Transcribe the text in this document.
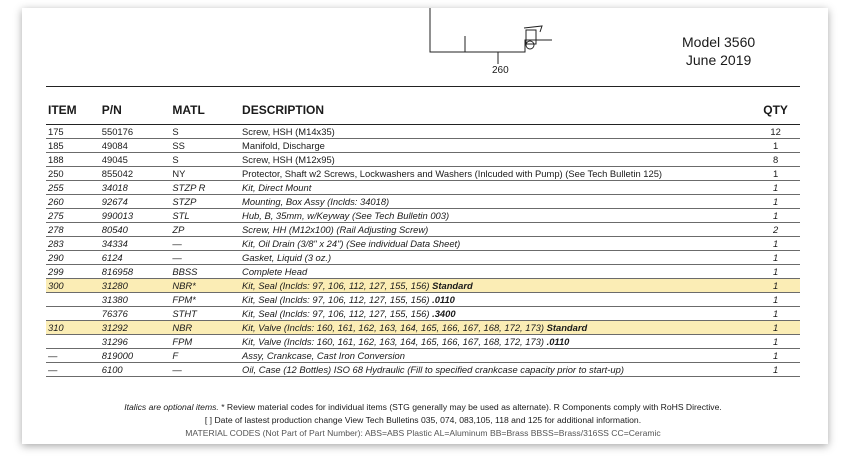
260
Model 3560
June 2019
ITEM	P/N	MATL	DESCRIPTION	QTY
175	550176	S	Screw, HSH (M14x35)	12
185	49084	SS	Manifold, Discharge	1
188	49045	S	Screw, HSH (M12x95)	8
250	855042	NY	Protector, Shaft w2 Screws, Lockwashers and Washers (Inlcuded with Pump) (See Tech Bulletin 125)	1
255	34018	STZP R	Kit, Direct Mount	1
260	92674	STZP	Mounting, Box Assy (Inclds: 34018)	1
275	990013	STL	Hub, B, 35mm, w/Keyway (See Tech Bulletin 003)	1
278	80540	ZP	Screw, HH (M12x100) (Rail Adjusting Screw)	2
283	34334	—	Kit, Oil Drain (3/8" x 24") (See individual Data Sheet)	1
290	6124	—	Gasket, Liquid (3 oz.)	1
299	816958	BBSS	Complete Head	1
300	31280	NBR*	Kit, Seal (Inclds: 97, 106, 112, 127, 155, 156) Standard	1
	31380	FPM*	Kit, Seal (Inclds: 97, 106, 112, 127, 155, 156) .0110	1
	76376	STHT	Kit, Seal (Inclds: 97, 106, 112, 127, 155, 156) .3400	1
310	31292	NBR	Kit, Valve (Inclds: 160, 161, 162, 163, 164, 165, 166, 167, 168, 172, 173) Standard	1
	31296	FPM	Kit, Valve (Inclds: 160, 161, 162, 163, 164, 165, 166, 167, 168, 172, 173) .0110	1
—	819000	F	Assy, Crankcase, Cast Iron Conversion	1
—	6100	—	Oil, Case (12 Bottles) ISO 68 Hydraulic (Fill to specified crankcase capacity prior to start-up)	1
Italics are optional items. * Review material codes for individual items (STG generally may be used as alternate). R Components comply with RoHS Directive.
[ ] Date of lastest production change View Tech Bulletins 035, 074, 083,105, 118 and 125 for additional information.
MATERIAL CODES (Not Part of Part Number): ABS=ABS Plastic AL=Aluminum BB=Brass BBSS=Brass/316SS CC=Ceramic
